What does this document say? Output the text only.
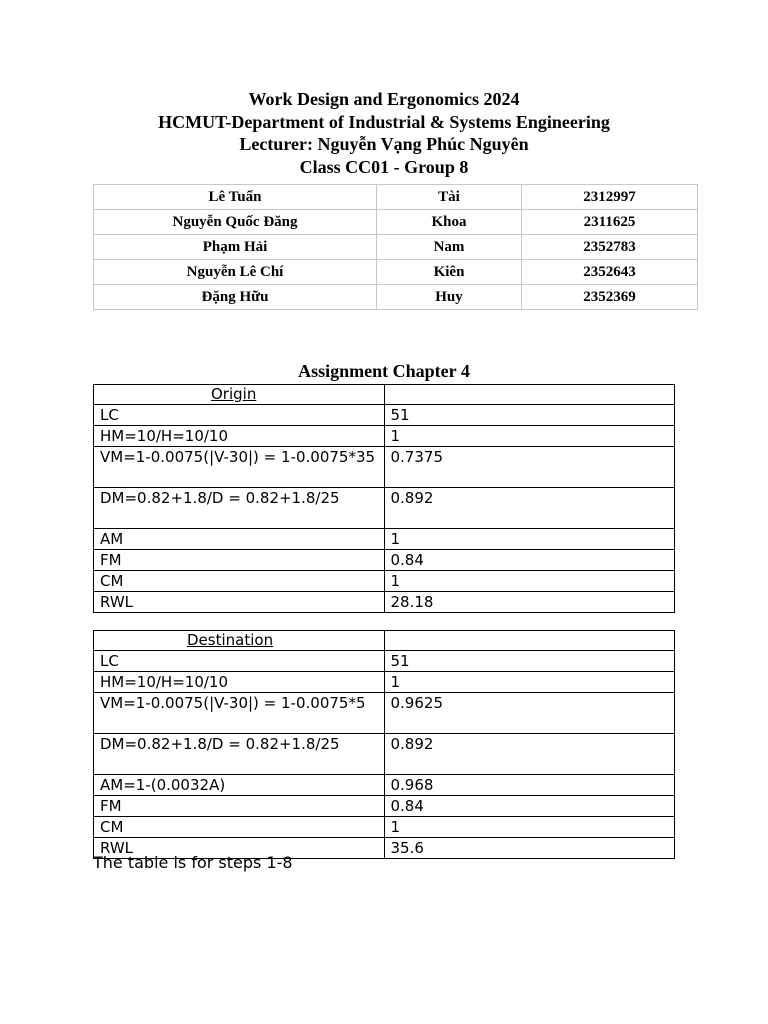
Work Design and Ergonomics 2024
HCMUT-Department of Industrial & Systems Engineering
Lecturer: Nguyễn Vạng Phúc Nguyên
Class CC01 - Group 8
Lê Tuấn	Tài	2312997
Nguyễn Quốc Đăng	Khoa	2311625
Phạm Hải	Nam	2352783
Nguyễn Lê Chí	Kiên	2352643
Đặng Hữu	Huy	2352369
Assignment Chapter 4
Origin	
LC	51
HM=10/H=10/10	1
VM=1-0.0075(|V-30|) = 1-0.0075*35	0.7375
DM=0.82+1.8/D = 0.82+1.8/25	0.892
AM	1
FM	0.84
CM	1
RWL	28.18
Destination	
LC	51
HM=10/H=10/10	1
VM=1-0.0075(|V-30|) = 1-0.0075*5	0.9625
DM=0.82+1.8/D = 0.82+1.8/25	0.892
AM=1-(0.0032A)	0.968
FM	0.84
CM	1
RWL	35.6
The table is for steps 1-8
